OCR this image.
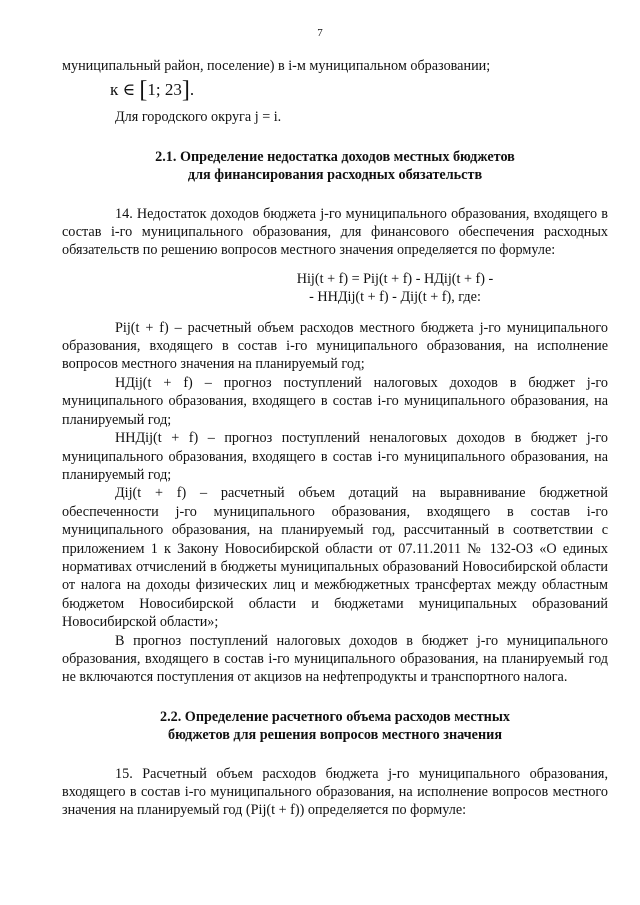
7

муниципальный район, поселение) в i-м муниципальном образовании;

к ∈ [1; 23].

Для городского округа j = i.

2.1. Определение недостатка доходов местных бюджетов
для финансирования расходных обязательств

14. Недостаток доходов бюджета j-го муниципального образования, входящего в состав i-го муниципального образования, для финансового обеспечения расходных обязательств по решению вопросов местного значения определяется по формуле:

Hij(t + f) = Pij(t + f) - НДij(t + f) -

- ННДij(t + f) - Дij(t + f), где:

Pij(t + f) – расчетный объем расходов местного бюджета j-го муниципального образования, входящего в состав i-го муниципального образования, на исполнение вопросов местного значения на планируемый год;

НДij(t + f) – прогноз поступлений налоговых доходов в бюджет j-го муниципального образования, входящего в состав i-го муниципального образования, на планируемый год;

ННДij(t + f) – прогноз поступлений неналоговых доходов в бюджет j-го муниципального образования, входящего в состав i-го муниципального образования, на планируемый год;

Дij(t + f) – расчетный объем дотаций на выравнивание бюджетной обеспеченности j-го муниципального образования, входящего в состав i-го муниципального образования, на планируемый год, рассчитанный в соответствии с приложением 1 к Закону Новосибирской области от 07.11.2011 № 132-ОЗ «О единых нормативах отчислений в бюджеты муниципальных образований Новосибирской области от налога на доходы физических лиц и межбюджетных трансфертах между областным бюджетом Новосибирской области и бюджетами муниципальных образований Новосибирской области»;

В прогноз поступлений налоговых доходов в бюджет j-го муниципального образования, входящего в состав i-го муниципального образования, на планируемый год не включаются поступления от акцизов на нефтепродукты и транспортного налога.

2.2. Определение расчетного объема расходов местных
бюджетов для решения вопросов местного значения

15. Расчетный объем расходов бюджета j-го муниципального образования, входящего в состав i-го муниципального образования, на исполнение вопросов местного значения на планируемый год (Pij(t + f)) определяется по формуле:
